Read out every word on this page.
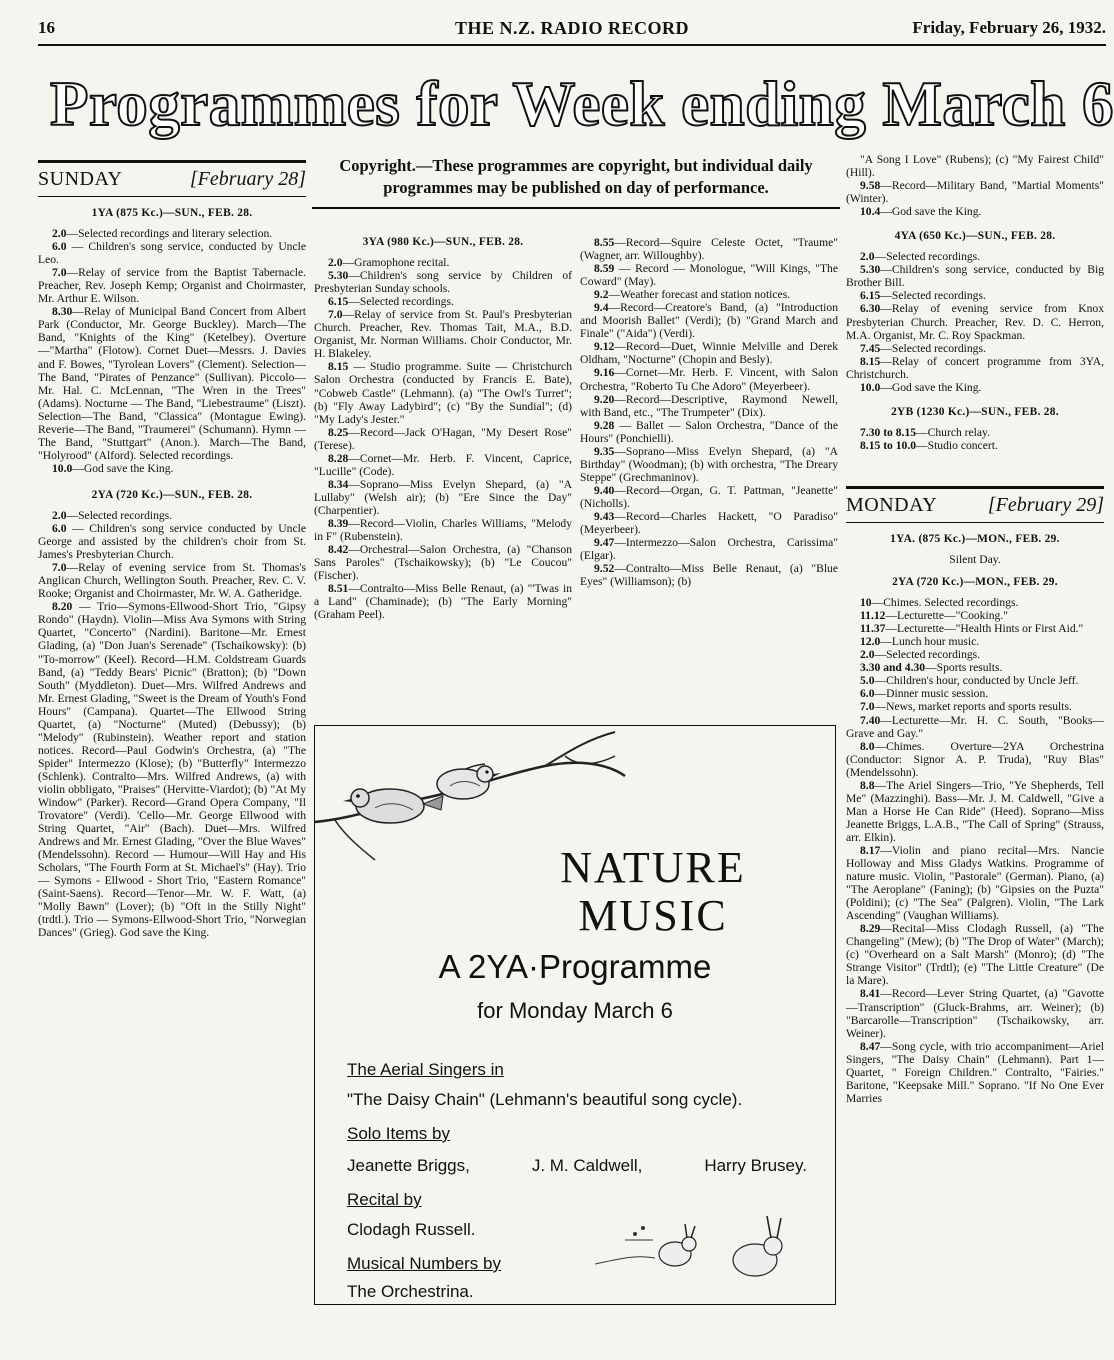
16	THE N.Z. RADIO RECORD	Friday, February 26, 1932.
Programmes for Week ending March 6
Copyright.—These programmes are copyright, but individual daily
programmes may be published on day of performance.
SUNDAY	[February 28]
1YA (875 Kc.)—SUN., FEB. 28.

2.0—Selected recordings and literary selection.

6.0 — Children's song service, conducted by Uncle Leo.

7.0—Relay of service from the Baptist Tabernacle. Preacher, Rev. Joseph Kemp; Organist and Choirmaster, Mr. Arthur E. Wilson.

8.30—Relay of Municipal Band Concert from Albert Park (Conductor, Mr. George Buckley). March—The Band, "Knights of the King" (Ketelbey). Overture—"Martha" (Flotow). Cornet Duet—Messrs. J. Davies and F. Bowes, "Tyrolean Lovers" (Clement). Selection—The Band, "Pirates of Penzance" (Sullivan). Piccolo—Mr. Hal. C. McLennan, "The Wren in the Trees" (Adams). Nocturne — The Band, "Liebestraume" (Liszt). Selection—The Band, "Classica" (Montague Ewing). Reverie—The Band, "Traumerei" (Schumann). Hymn — The Band, "Stuttgart" (Anon.). March—The Band, "Holyrood" (Alford). Selected recordings.

10.0—God save the King.

2YA (720 Kc.)—SUN., FEB. 28.

2.0—Selected recordings.

6.0 — Children's song service conducted by Uncle George and assisted by the children's choir from St. James's Presbyterian Church.

7.0—Relay of evening service from St. Thomas's Anglican Church, Wellington South. Preacher, Rev. C. V. Rooke; Organist and Choirmaster, Mr. W. A. Gatheridge.

8.20 — Trio—Symons-Ellwood-Short Trio, "Gipsy Rondo" (Haydn). Violin—Miss Ava Symons with String Quartet, "Concerto" (Nardini). Baritone—Mr. Ernest Glading, (a) "Don Juan's Serenade" (Tschaikowsky): (b) "To-morrow" (Keel). Record—H.M. Coldstream Guards Band, (a) "Teddy Bears' Picnic" (Bratton); (b) "Down South" (Myddleton). Duet—Mrs. Wilfred Andrews and Mr. Ernest Glading, "Sweet is the Dream of Youth's Fond Hours" (Campana). Quartet—The Ellwood String Quartet, (a) "Nocturne" (Muted) (Debussy); (b) "Melody" (Rubinstein). Weather report and station notices. Record—Paul Godwin's Orchestra, (a) "The Spider" Intermezzo (Klose); (b) "Butterfly" Intermezzo (Schlenk). Contralto—Mrs. Wilfred Andrews, (a) with violin obbligato, "Praises" (Hervitte-Viardot); (b) "At My Window" (Parker). Record—Grand Opera Company, "Il Trovatore" (Verdi). 'Cello—Mr. George Ellwood with String Quartet, "Air" (Bach). Duet—Mrs. Wilfred Andrews and Mr. Ernest Glading, "Over the Blue Waves" (Mendelssohn). Record — Humour—Will Hay and His Scholars, "The Fourth Form at St. Michael's" (Hay). Trio — Symons - Ellwood - Short Trio, "Eastern Romance" (Saint-Saens). Record—Tenor—Mr. W. F. Watt, (a) "Molly Bawn" (Lover); (b) "Oft in the Stilly Night" (trdtl.). Trio — Symons-Ellwood-Short Trio, "Norwegian Dances" (Grieg). God save the King.

3YA (980 Kc.)—SUN., FEB. 28.

2.0—Gramophone recital.

5.30—Children's song service by Children of Presbyterian Sunday schools.

6.15—Selected recordings.

7.0—Relay of service from St. Paul's Presbyterian Church. Preacher, Rev. Thomas Tait, M.A., B.D. Organist, Mr. Norman Williams. Choir Conductor, Mr. H. Blakeley.

8.15 — Studio programme. Suite — Christchurch Salon Orchestra (conducted by Francis E. Bate), "Cobweb Castle" (Lehmann). (a) "The Owl's Turret"; (b) "Fly Away Ladybird"; (c) "By the Sundial"; (d) "My Lady's Jester."

8.25—Record—Jack O'Hagan, "My Desert Rose" (Terese).

8.28—Cornet—Mr. Herb. F. Vincent, Caprice, "Lucille" (Code).

8.34—Soprano—Miss Evelyn Shepard, (a) "A Lullaby" (Welsh air); (b) "Ere Since the Day" (Charpentier).

8.39—Record—Violin, Charles Williams, "Melody in F" (Rubenstein).

8.42—Orchestral—Salon Orchestra, (a) "Chanson Sans Paroles" (Tschaikowsky); (b) "Le Coucou" (Fischer).

8.51—Contralto—Miss Belle Renaut, (a) "'Twas in a Land" (Chaminade); (b) "The Early Morning" (Graham Peel).

8.55—Record—Squire Celeste Octet, "Traume" (Wagner, arr. Willoughby).

8.59 — Record — Monologue, "Will Kings, "The Coward" (May).

9.2—Weather forecast and station notices.

9.4—Record—Creatore's Band, (a) "Introduction and Moorish Ballet" (Verdi); (b) "Grand March and Finale" ("Aida") (Verdi).

9.12—Record—Duet, Winnie Melville and Derek Oldham, "Nocturne" (Chopin and Besly).

9.16—Cornet—Mr. Herb. F. Vincent, with Salon Orchestra, "Roberto Tu Che Adoro" (Meyerbeer).

9.20—Record—Descriptive, Raymond Newell, with Band, etc., "The Trumpeter" (Dix).

9.28 — Ballet — Salon Orchestra, "Dance of the Hours" (Ponchielli).

9.35—Soprano—Miss Evelyn Shepard, (a) "A Birthday" (Woodman); (b) with orchestra, "The Dreary Steppe" (Grechmaninov).

9.40—Record—Organ, G. T. Pattman, "Jeanette" (Nicholls).

9.43—Record—Charles Hackett, "O Paradiso" (Meyerbeer).

9.47—Intermezzo—Salon Orchestra, Carissima" (Elgar).

9.52—Contralto—Miss Belle Renaut, (a) "Blue Eyes" (Williamson); (b)

"A Song I Love" (Rubens); (c) "My Fairest Child" (Hill).

9.58—Record—Military Band, "Martial Moments" (Winter).

10.4—God save the King.

4YA (650 Kc.)—SUN., FEB. 28.

2.0—Selected recordings.

5.30—Children's song service, conducted by Big Brother Bill.

6.15—Selected recordings.

6.30—Relay of evening service from Knox Presbyterian Church. Preacher, Rev. D. C. Herron, M.A. Organist, Mr. C. Roy Spackman.

7.45—Selected recordings.

8.15—Relay of concert programme from 3YA, Christchurch.

10.0—God save the King.

2YB (1230 Kc.)—SUN., FEB. 28.

7.30 to 8.15—Church relay.

8.15 to 10.0—Studio concert.

MONDAY	[February 29]
1YA. (875 Kc.)—MON., FEB. 29.

Silent Day.

2YA (720 Kc.)—MON., FEB. 29.

10—Chimes. Selected recordings.

11.12—Lecturette—"Cooking."

11.37—Lecturette—"Health Hints or First Aid."

12.0—Lunch hour music.

2.0—Selected recordings.

3.30 and 4.30—Sports results.

5.0—Children's hour, conducted by Uncle Jeff.

6.0—Dinner music session.

7.0—News, market reports and sports results.

7.40—Lecturette—Mr. H. C. South, "Books—Grave and Gay."

8.0—Chimes. Overture—2YA Orchestrina (Conductor: Signor A. P. Truda), "Ruy Blas" (Mendelssohn).

8.8—The Ariel Singers—Trio, "Ye Shepherds, Tell Me" (Mazzinghi). Bass—Mr. J. M. Caldwell, "Give a Man a Horse He Can Ride" (Heed). Soprano—Miss Jeanette Briggs, L.A.B., "The Call of Spring" (Strauss, arr. Elkin).

8.17—Violin and piano recital—Mrs. Nancie Holloway and Miss Gladys Watkins. Programme of nature music. Violin, "Pastorale" (German). Piano, (a) "The Aeroplane" (Faning); (b) "Gipsies on the Puzta" (Poldini); (c) "The Sea" (Palgren). Violin, "The Lark Ascending" (Vaughan Williams).

8.29—Recital—Miss Clodagh Russell, (a) "The Changeling" (Mew); (b) "The Drop of Water" (March); (c) "Overheard on a Salt Marsh" (Monro); (d) "The Strange Visitor" (Trdtl); (e) "The Little Creature" (De la Mare).

8.41—Record—Lever String Quartet, (a) "Gavotte—Transcription" (Gluck-Brahms, arr. Weiner); (b) "Barcarolle—Transcription" (Tschaikowsky, arr. Weiner).

8.47—Song cycle, with trio accompaniment—Ariel Singers, "The Daisy Chain" (Lehmann). Part 1—Quartet, " Foreign Children." Contralto, "Fairies." Baritone, "Keepsake Mill." Soprano. "If No One Ever Marries

NATURE
MUSIC
A 2YA·Programme
for Monday March 6
The Aerial Singers in
"The Daisy Chain" (Lehmann's beautiful song cycle).
Solo Items by
Jeanette Briggs,	J. M. Caldwell,	Harry Brusey.
Recital by
Clodagh Russell.
Musical Numbers by
The Orchestrina.
